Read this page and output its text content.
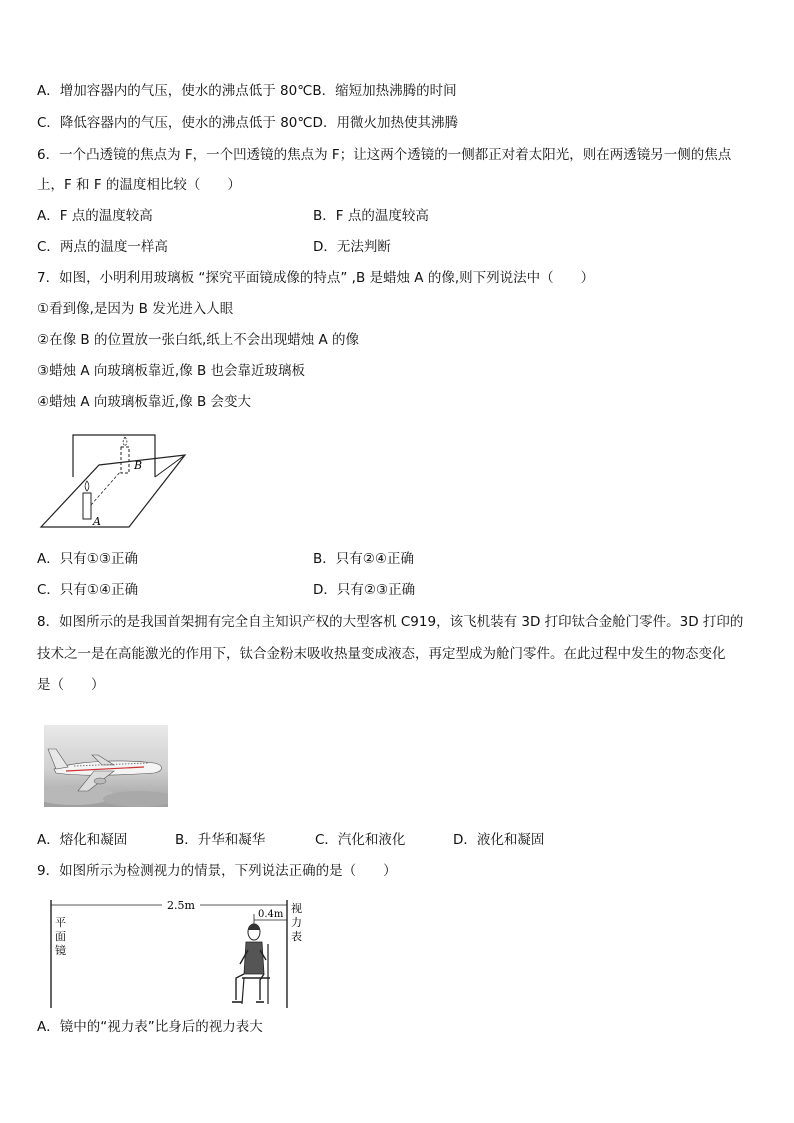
A．增加容器内的气压，使水的沸点低于 80℃B．缩短加热沸腾的时间
C．降低容器内的气压，使水的沸点低于 80℃D．用微火加热使其沸腾
6．一个凸透镜的焦点为 F，一个凹透镜的焦点为 F；让这两个透镜的一侧都正对着太阳光，则在两透镜另一侧的焦点
上，F 和 F 的温度相比较（　　）
A．F 点的温度较高	B．F 点的温度较高
C．两点的温度一样高	D．无法判断
7．如图，小明利用玻璃板 “探究平面镜成像的特点” ,B 是蜡烛 A 的像,则下列说法中（　　）
①看到像,是因为 B 发光进入人眼
②在像 B 的位置放一张白纸,纸上不会出现蜡烛 A 的像
③蜡烛 A 向玻璃板靠近,像 B 也会靠近玻璃板
④蜡烛 A 向玻璃板靠近,像 B 会变大
B
A
A．只有①③正确	B．只有②④正确
C．只有①④正确	D．只有②③正确
8．如图所示的是我国首架拥有完全自主知识产权的大型客机 C919，该飞机装有 3D 打印钛合金舱门零件。3D 打印的
技术之一是在高能激光的作用下，钛合金粉末吸收热量变成液态，再定型成为舱门零件。在此过程中发生的物态变化
是（　　）
A．熔化和凝固	B．升华和凝华	C．汽化和液化	D．液化和凝固
9．如图所示为检测视力的情景，下列说法正确的是（　　）
2.5m
0.4m
平
面
镜
视
力
表
A．镜中的“视力表”比身后的视力表大
